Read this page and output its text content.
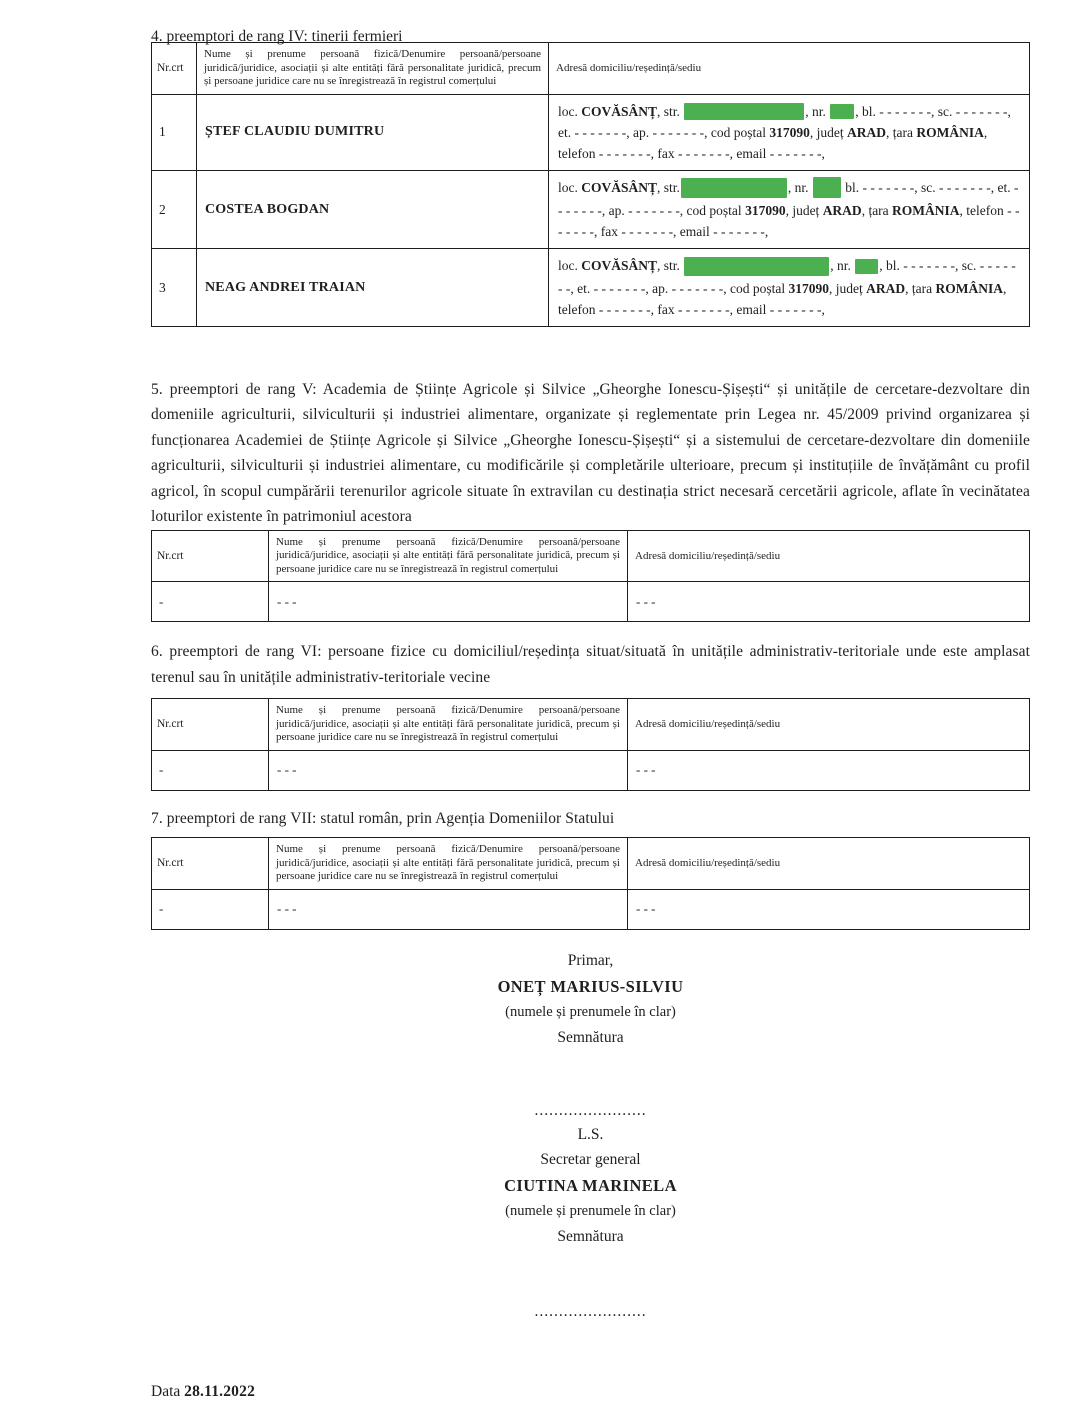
4. preemptori de rang IV: tinerii fermieri
Nr.crt	Nume și prenume persoană fizică/Denumire persoană/persoane juridică/juridice, asociații și alte entități fără personalitate juridică, precum și persoane juridice care nu se înregistrează în registrul comerțului	Adresă domiciliu/reședință/sediu
1	ȘTEF CLAUDIU DUMITRU	loc. COVĂSÂNȚ, str. , nr. , bl. - - - - - - -, sc. - - - - - - -, et. - - - - - - -, ap. - - - - - - -, cod poștal 317090, județ ARAD, țara ROMÂNIA, telefon - - - - - - -, fax - - - - - - -, email - - - - - - -,
2	COSTEA BOGDAN	loc. COVĂSÂNȚ, str. , nr.  bl. - - - - - - -, sc. - - - - - - -, et. - - - - - - -, ap. - - - - - - -, cod poștal 317090, județ ARAD, țara ROMÂNIA, telefon - - - - - - -, fax - - - - - - -, email - - - - - - -,
3	NEAG ANDREI TRAIAN	loc. COVĂSÂNȚ, str. , nr. , bl. - - - - - - -, sc. - - - - - - -, et. - - - - - - -, ap. - - - - - - -, cod poștal 317090, județ ARAD, țara ROMÂNIA, telefon - - - - - - -, fax - - - - - - -, email - - - - - - -,

5. preemptori de rang V: Academia de Științe Agricole și Silvice „Gheorghe Ionescu-Șișești“ și unitățile de cercetare-dezvoltare din domeniile agriculturii, silviculturii și industriei alimentare, organizate și reglementate prin Legea nr. 45/2009 privind organizarea și funcționarea Academiei de Științe Agricole și Silvice „Gheorghe Ionescu-Șișești“ și a sistemului de cercetare-dezvoltare din domeniile agriculturii, silviculturii și industriei alimentare, cu modificările și completările ulterioare, precum și instituțiile de învățământ cu profil agricol, în scopul cumpărării terenurilor agricole situate în extravilan cu destinația strict necesară cercetării agricole, aflate în vecinătatea loturilor existente în patrimoniul acestora

Nr.crt	Nume și prenume persoană fizică/Denumire persoană/persoane juridică/juridice, asociații și alte entități fără personalitate juridică, precum și persoane juridice care nu se înregistrează în registrul comerțului	Adresă domiciliu/reședință/sediu
-	- - -	- - -

6. preemptori de rang VI: persoane fizice cu domiciliul/reședința situat/situată în unitățile administrativ-teritoriale unde este amplasat terenul sau în unitățile administrativ-teritoriale vecine

Nr.crt	Nume și prenume persoană fizică/Denumire persoană/persoane juridică/juridice, asociații și alte entități fără personalitate juridică, precum și persoane juridice care nu se înregistrează în registrul comerțului	Adresă domiciliu/reședință/sediu
-	- - -	- - -

7. preemptori de rang VII: statul român, prin Agenția Domeniilor Statului

Nr.crt	Nume și prenume persoană fizică/Denumire persoană/persoane juridică/juridice, asociații și alte entități fără personalitate juridică, precum și persoane juridice care nu se înregistrează în registrul comerțului	Adresă domiciliu/reședință/sediu
-	- - -	- - -
Primar,
ONEȚ MARIUS-SILVIU
(numele și prenumele în clar)
Semnătura
.......................
L.S.
Secretar general
CIUTINA MARINELA
(numele și prenumele în clar)
Semnătura
.......................
Data 28.11.2022
